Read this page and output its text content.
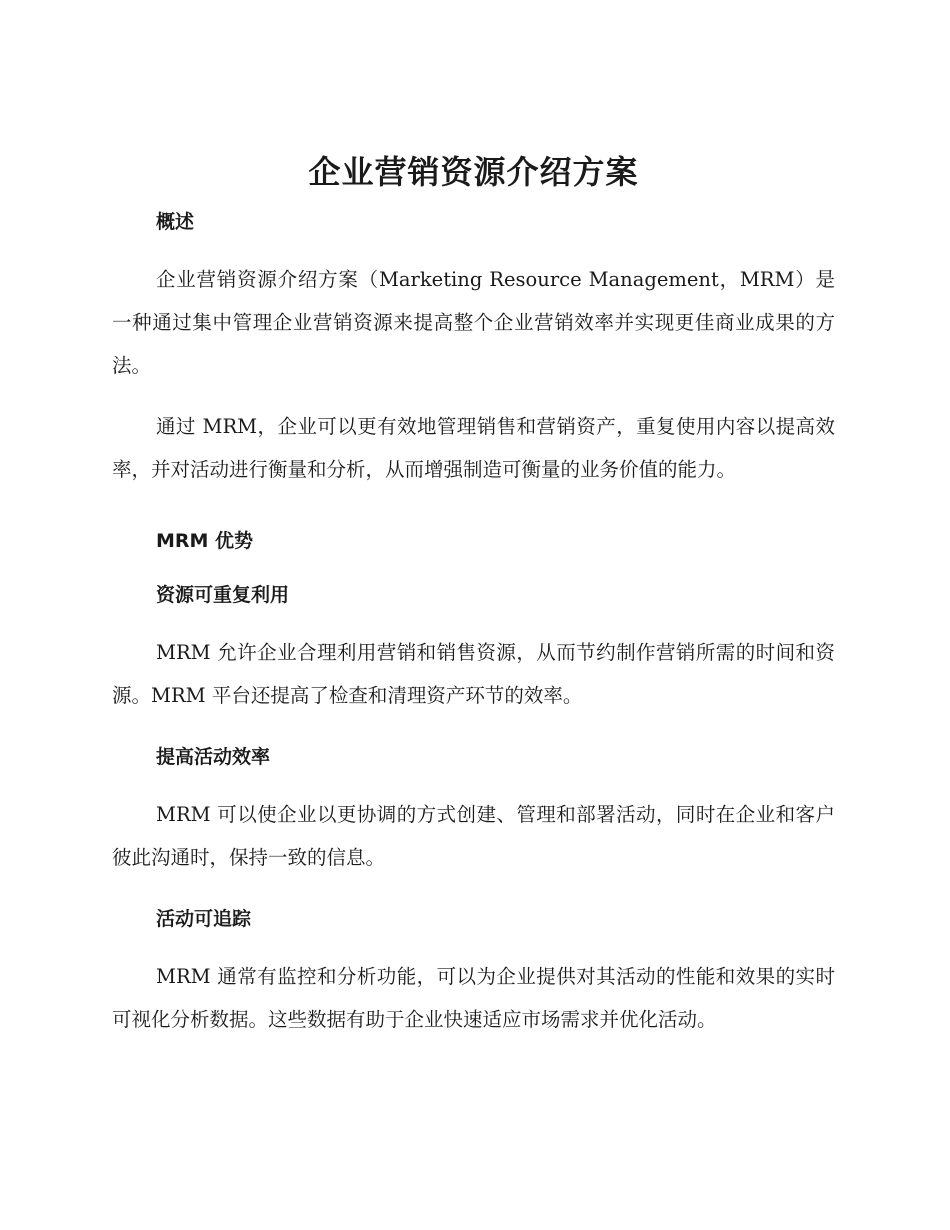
企业营销资源介绍方案
概述

企业营销资源介绍方案（Marketing Resource Management，MRM）是一种通过集中管理企业营销资源来提高整个企业营销效率并实现更佳商业成果的方法。

通过 MRM，企业可以更有效地管理销售和营销资产，重复使用内容以提高效率，并对活动进行衡量和分析，从而增强制造可衡量的业务价值的能力。

MRM 优势
资源可重复利用

MRM 允许企业合理利用营销和销售资源，从而节约制作营销所需的时间和资源。MRM 平台还提高了检查和清理资产环节的效率。

提高活动效率

MRM 可以使企业以更协调的方式创建、管理和部署活动，同时在企业和客户彼此沟通时，保持一致的信息。

活动可追踪

MRM 通常有监控和分析功能，可以为企业提供对其活动的性能和效果的实时可视化分析数据。这些数据有助于企业快速适应市场需求并优化活动。
